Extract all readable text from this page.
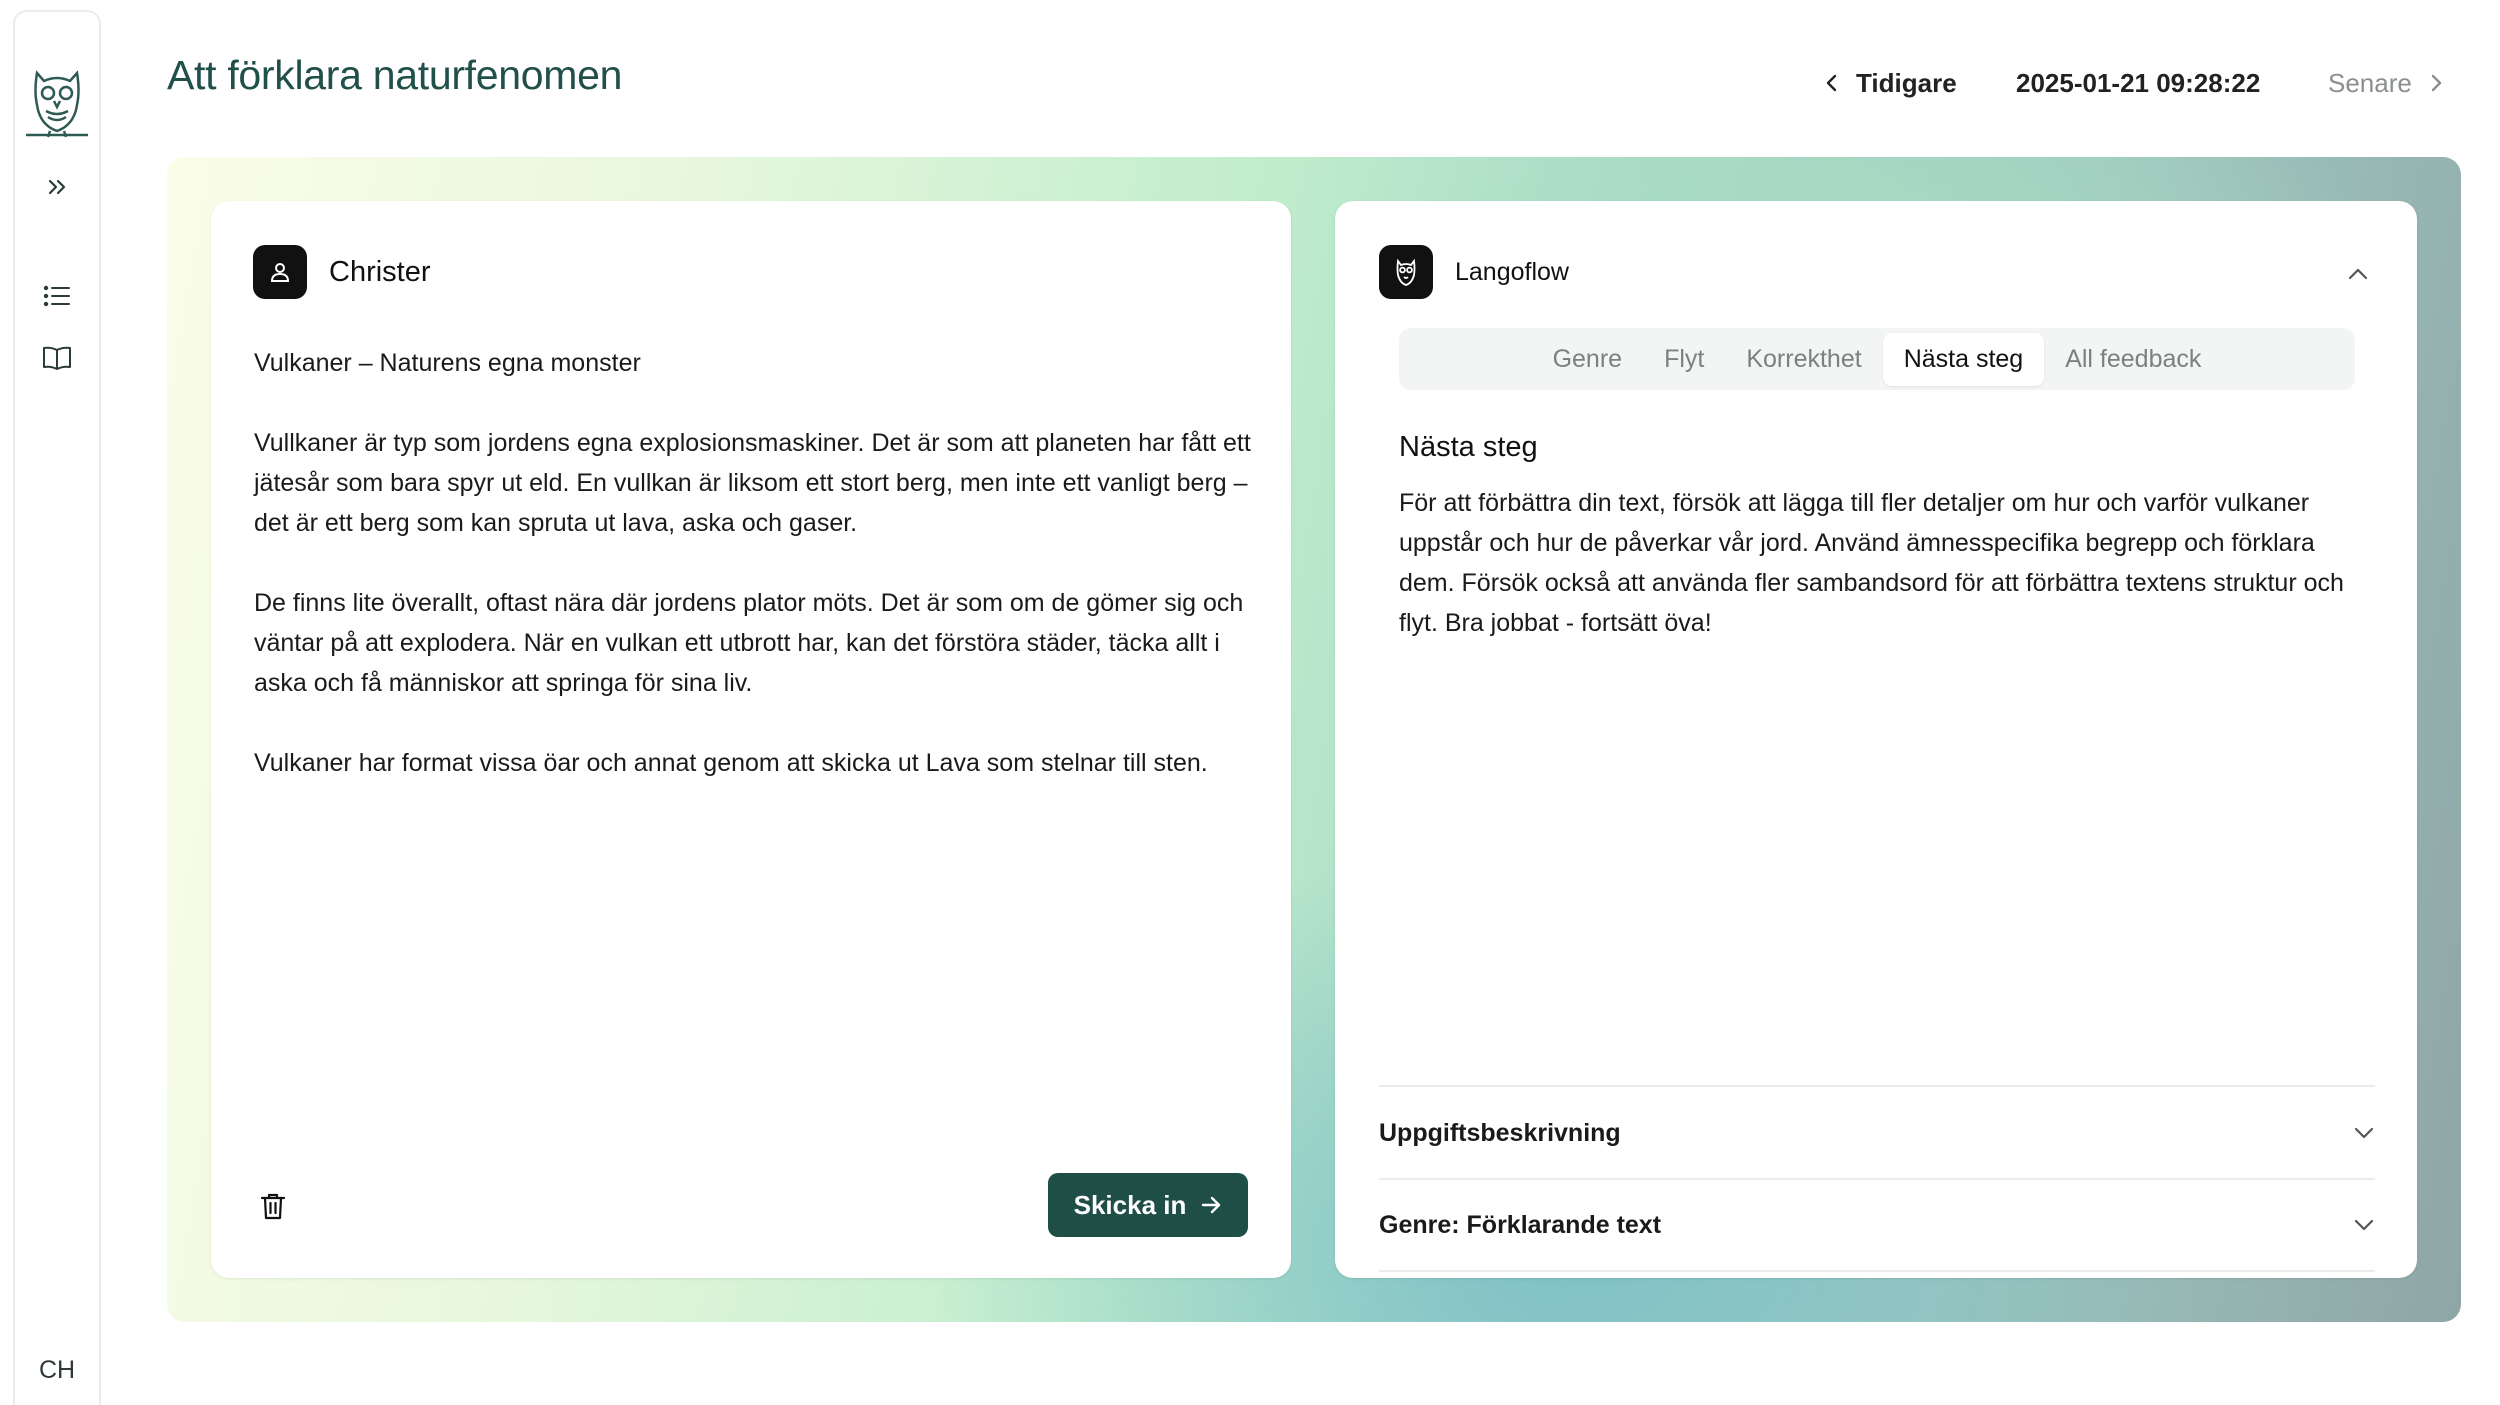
CH
Att förklara naturfenomen	Tidigare 2025-01-21 09:28:22	Senare
Christer

Vulkaner – Naturens egna monster

Vullkaner är typ som jordens egna explosionsmaskiner. Det är som att planeten har fått ett jätesår som bara spyr ut eld. En vullkan är liksom ett stort berg, men inte ett vanligt berg – det är ett berg som kan spruta ut lava, aska och gaser.

De finns lite överallt, oftast nära där jordens plator möts. Det är som om de gömer sig och väntar på att explodera. När en vulkan ett utbrott har, kan det förstöra städer, täcka allt i aska och få människor att springa för sina liv.

Vulkaner har format vissa öar och annat genom att skicka ut Lava som stelnar till sten.

Skicka in
Langoflow
Genre	Flyt	Korrekthet	Nästa steg	All feedback
Nästa steg
För att förbättra din text, försök att lägga till fler detaljer om hur och varför vulkaner uppstår och hur de påverkar vår jord. Använd ämnesspecifika begrepp och förklara dem. Försök också att använda fler sambandsord för att förbättra textens struktur och flyt. Bra jobbat - fortsätt öva!
Uppgiftsbeskrivning
Genre: Förklarande text
